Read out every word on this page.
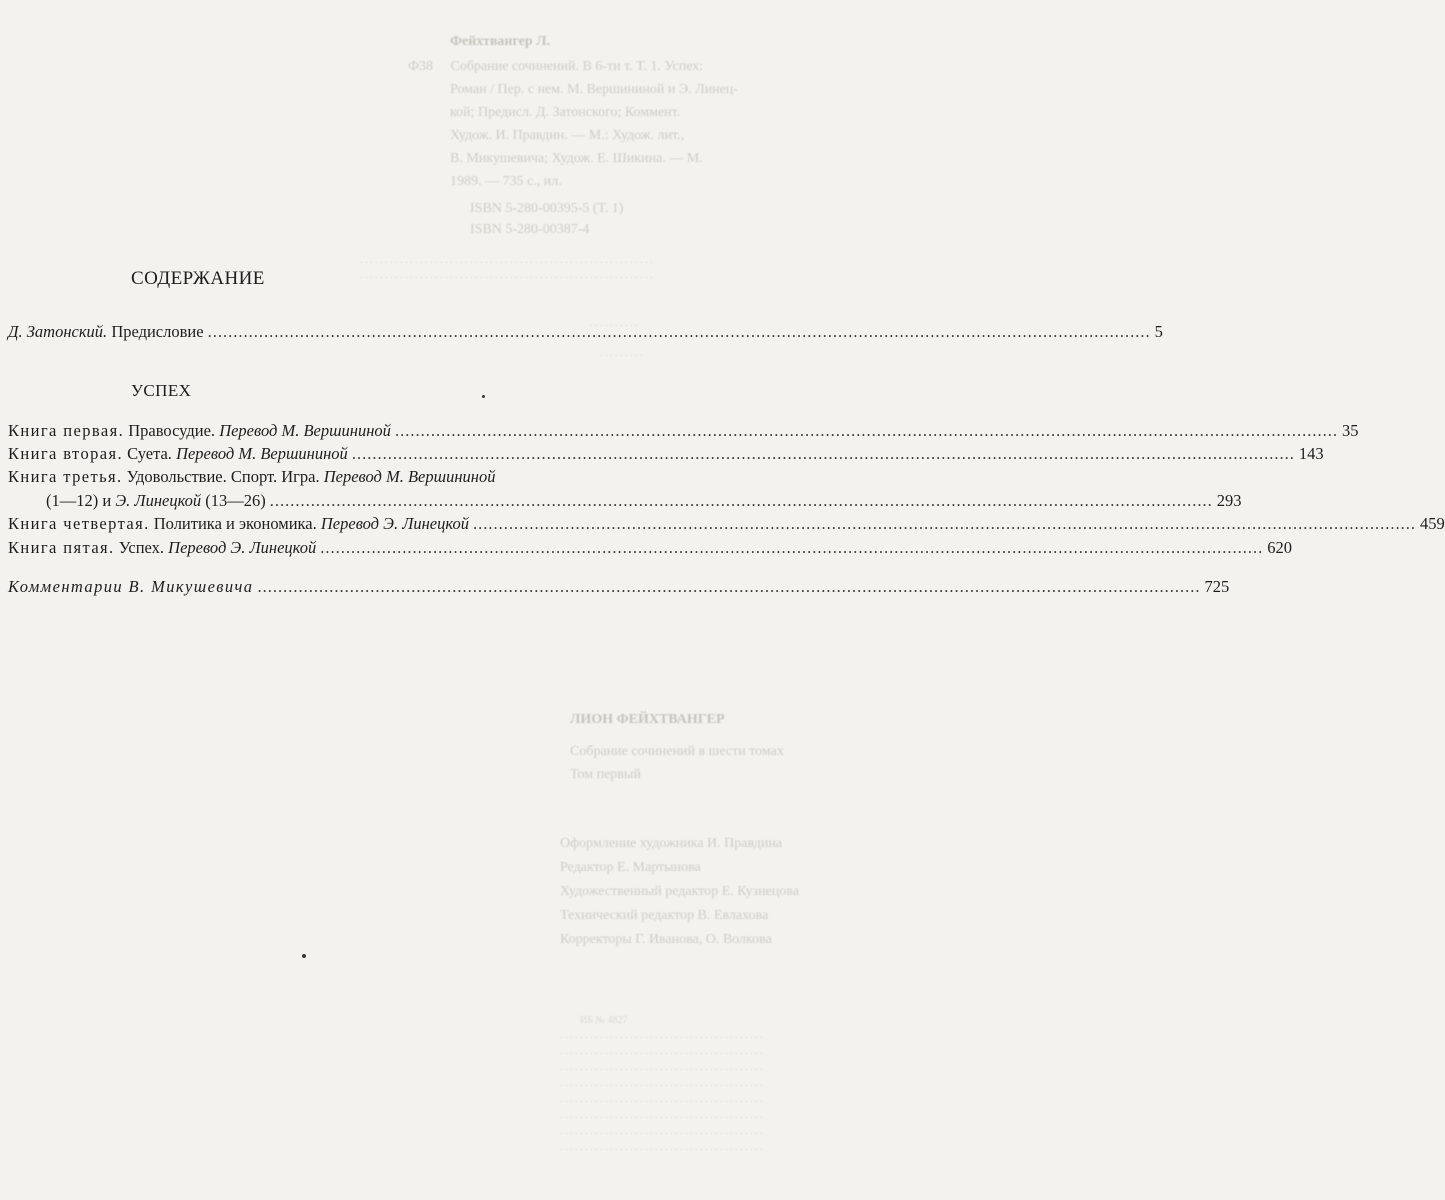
Фейхтвангер Л.
Ф38     Собрание сочинений. В 6-ти т. Т. 1. Успех:
Роман / Пер. с нем. М. Вершининой и Э. Линец-
кой; Предисл. Д. Затонского; Коммент.
Худож. И. Правдин. — М.: Худож. лит.,
В. Микушевича; Худож. Е. Шикина. — М.
1989. — 735 с., ил.
ISBN 5-280-00395-5 (Т. 1)
ISBN 5-280-00387-4
. . . . . . . . . . . . . . . . . . . . . . . . . . . . . . . . . . . . . . . . . . . . . . . . . . . . . . . . . . .
. . . . . . . . . . . . . . . . . . . . . . . . . . . . . . . . . . . . . . . . . . . . . . . . . . . . . . . . . . .
. . . . . . . . . .
. . . . . . . . .
ЛИОН ФЕЙХТВАНГЕР
Собрание сочинений в шести томах
Том первый
Оформление художника И. Правдина
Редактор Е. Мартынова
Художественный редактор Е. Кузнецова
Технический редактор В. Евлахова
Корректоры Г. Иванова, О. Волкова
ИБ № 4827
. . . . . . . . . . . . . . . . . . . . . . . . . . . . . . . . . . . . . . . . .
. . . . . . . . . . . . . . . . . . . . . . . . . . . . . . . . . . . . . . . . .
. . . . . . . . . . . . . . . . . . . . . . . . . . . . . . . . . . . . . . . . .
. . . . . . . . . . . . . . . . . . . . . . . . . . . . . . . . . . . . . . . . .
. . . . . . . . . . . . . . . . . . . . . . . . . . . . . . . . . . . . . . . . .
. . . . . . . . . . . . . . . . . . . . . . . . . . . . . . . . . . . . . . . . .
. . . . . . . . . . . . . . . . . . . . . . . . . . . . . . . . . . . . . . . . .
. . . . . . . . . . . . . . . . . . . . . . . . . . . . . . . . . . . . . . . . .
СОДЕРЖАНИЕ
Д. Затонский. Предисловие .....	5
УСПЕХ
Книга первая. Правосудие. Перевод М. Вершининой .....	35
Книга вторая. Суета. Перевод М. Вершининой .....	143
Книга третья. Удовольствие. Спорт. Игра. Перевод М. Вершининой
(1—12) и Э. Линецкой (13—26) .....	293
Книга четвертая. Политика и экономика. Перевод Э. Линецкой .....	459
Книга пятая. Успех. Перевод Э. Линецкой .....	620
Комментарии В. Микушевича .....	725
